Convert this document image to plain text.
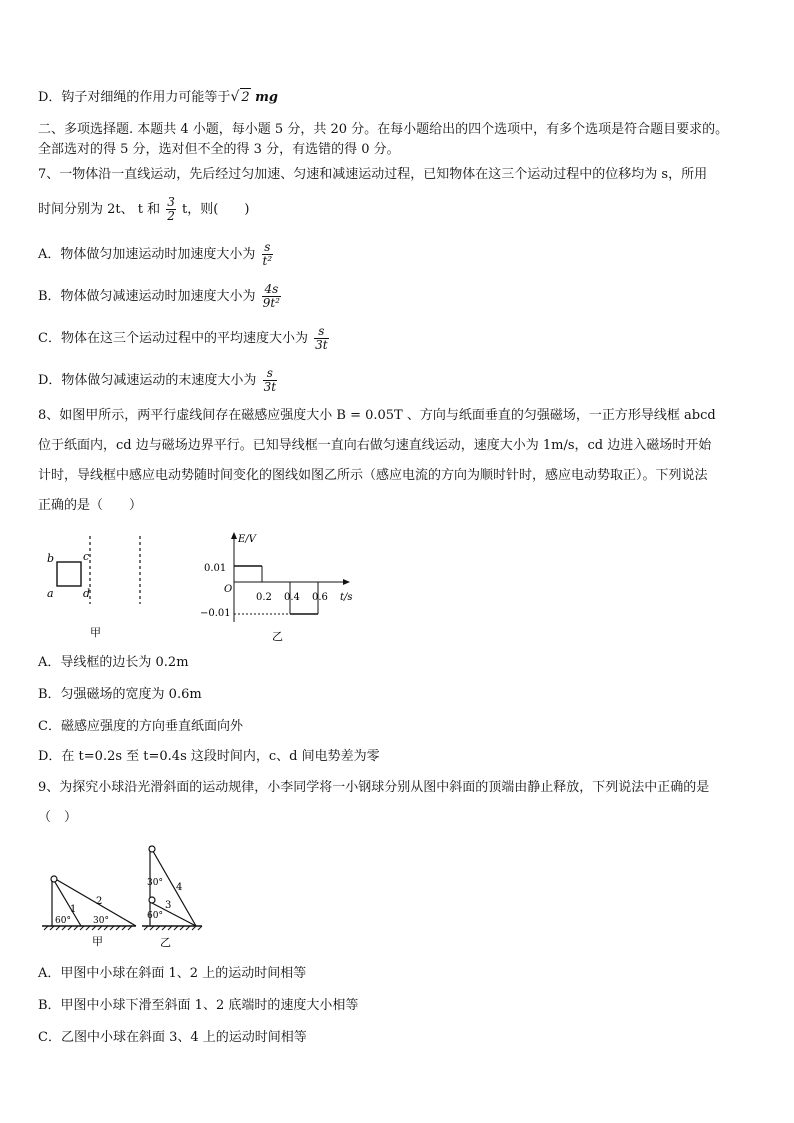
D．钩子对细绳的作用力可能等于√ 2 mg
二、多项选择题. 本题共 4 小题，每小题 5 分，共 20 分。在每小题给出的四个选项中，有多个选项是符合题目要求的。
全部选对的得 5 分，选对但不全的得 3 分，有选错的得 0 分。
7、一物体沿一直线运动，先后经过匀加速、匀速和减速运动过程，已知物体在这三个运动过程中的位移均为 s，所用
时间分别为 2t、 t 和 $\frac{3}{2}$ t，则(　　)
A．物体做匀加速运动时加速度大小为 $\frac{s}{\text{t²}}$
B．物体做匀减速运动时加速度大小为 $\frac{4s}{\text{9t²}}$
C．物体在这三个运动过程中的平均速度大小为 $\frac{s}{3t}$
D．物体做匀减速运动的末速度大小为 $\frac{s}{3t}$
8、如图甲所示，两平行虚线间存在磁感应强度大小 B = 0.05T 、方向与纸面垂直的匀强磁场，一正方形导线框 abcd
位于纸面内，cd 边与磁场边界平行。已知导线框一直向右做匀速直线运动，速度大小为 1m/s，cd 边进入磁场时开始
计时，导线框中感应电动势随时间变化的图线如图乙所示（感应电流的方向为顺时针时，感应电动势取正）。下列说法
正确的是（　　）
b	c
a	d
甲
E/V
0.01
O
−0.01
0.2 0.4 0.6 t/s
乙
A．导线框的边长为 0.2m
B．匀强磁场的宽度为 0.6m
C．磁感应强度的方向垂直纸面向外
D．在 t=0.2s 至 t=0.4s 这段时间内，c、d 间电势差为零
9、为探究小球沿光滑斜面的运动规律，小李同学将一小钢球分别从图中斜面的顶端由静止释放，下列说法中正确的是
（　）
1
2
60° 30°
甲
30° 4
3
60°
乙
A．甲图中小球在斜面 1、2 上的运动时间相等
B．甲图中小球下滑至斜面 1、2 底端时的速度大小相等
C．乙图中小球在斜面 3、4 上的运动时间相等
